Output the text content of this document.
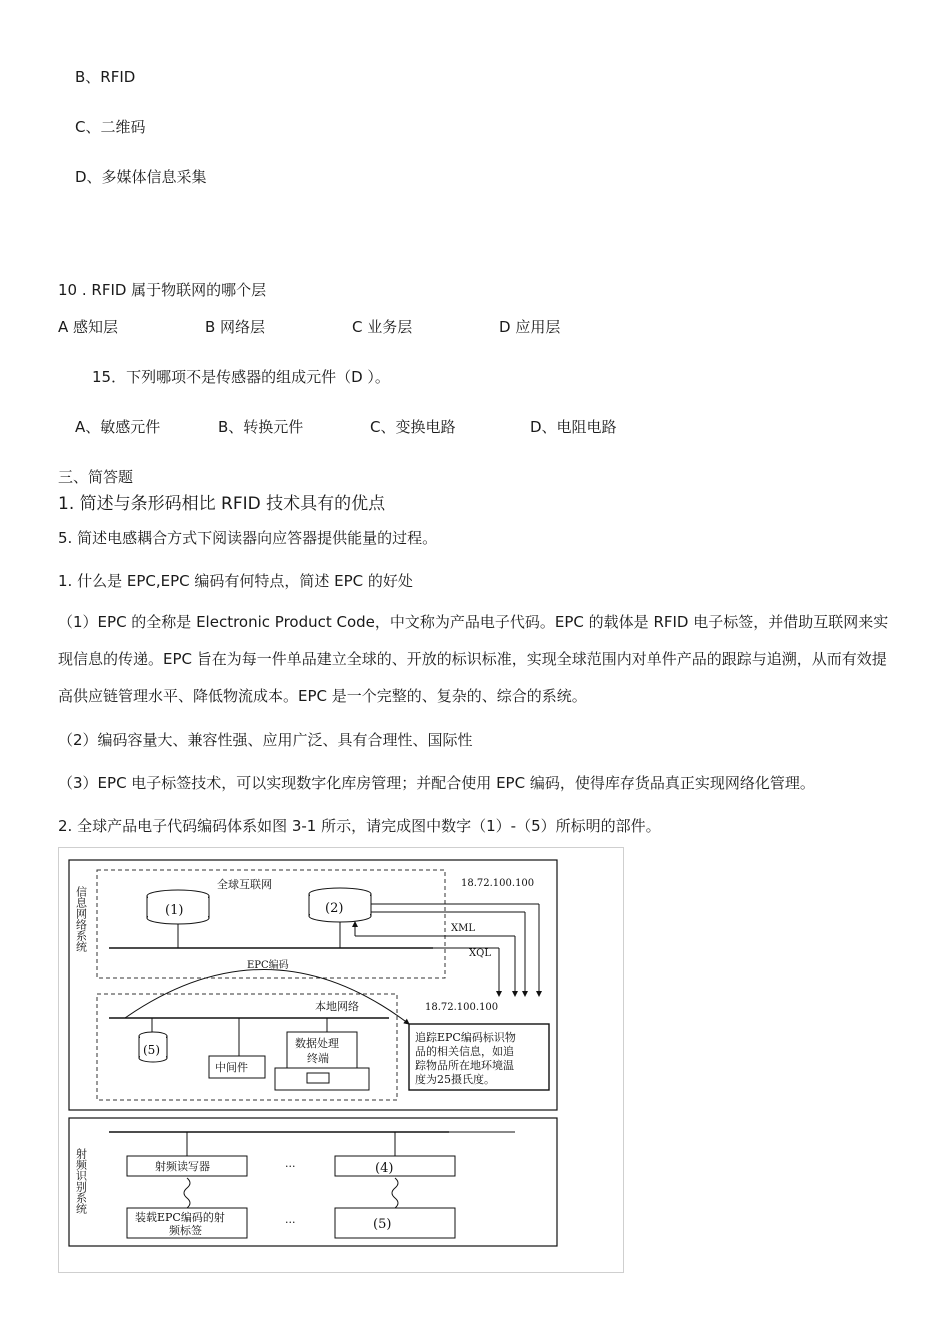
B、RFID
C、二维码
D、多媒体信息采集
10 . RFID 属于物联网的哪个层
A 感知层	B 网络层	C 业务层	D 应用层
15．下列哪项不是传感器的组成元件（D ）。
A、敏感元件	B、转换元件	C、变换电路	D、电阻电路
三、简答题
1. 简述与条形码相比 RFID 技术具有的优点
5. 简述电感耦合方式下阅读器向应答器提供能量的过程。
1. 什么是 EPC,EPC 编码有何特点，简述 EPC 的好处
（1）EPC 的全称是 Electronic Product Code，中文称为产品电子代码。EPC 的载体是 RFID 电子标签，并借助互联网来实现信息的传递。EPC 旨在为每一件单品建立全球的、开放的标识标准，实现全球范围内对单件产品的跟踪与追溯，从而有效提高供应链管理水平、降低物流成本。EPC 是一个完整的、复杂的、综合的系统。
（2）编码容量大、兼容性强、应用广泛、具有合理性、国际性
（3）EPC 电子标签技术，可以实现数字化库房管理；并配合使用 EPC 编码，使得库存货品真正实现网络化管理。
2. 全球产品电子代码编码体系如图 3-1 所示，请完成图中数字（1）-（5）所标明的部件。
信息网络系统
射频识别系统
全球互联网
(1)	(2)
18.72.100.100
XML
XQL
EPC编码
本地网络	18.72.100.100
(5)
中间件
数据处理
终端
追踪EPC编码标识物
品的相关信息，如追
踪物品所在地环境温
度为25摄氏度。
射频读写器	···	(4)
装载EPC编码的射
频标签
···	(5)
